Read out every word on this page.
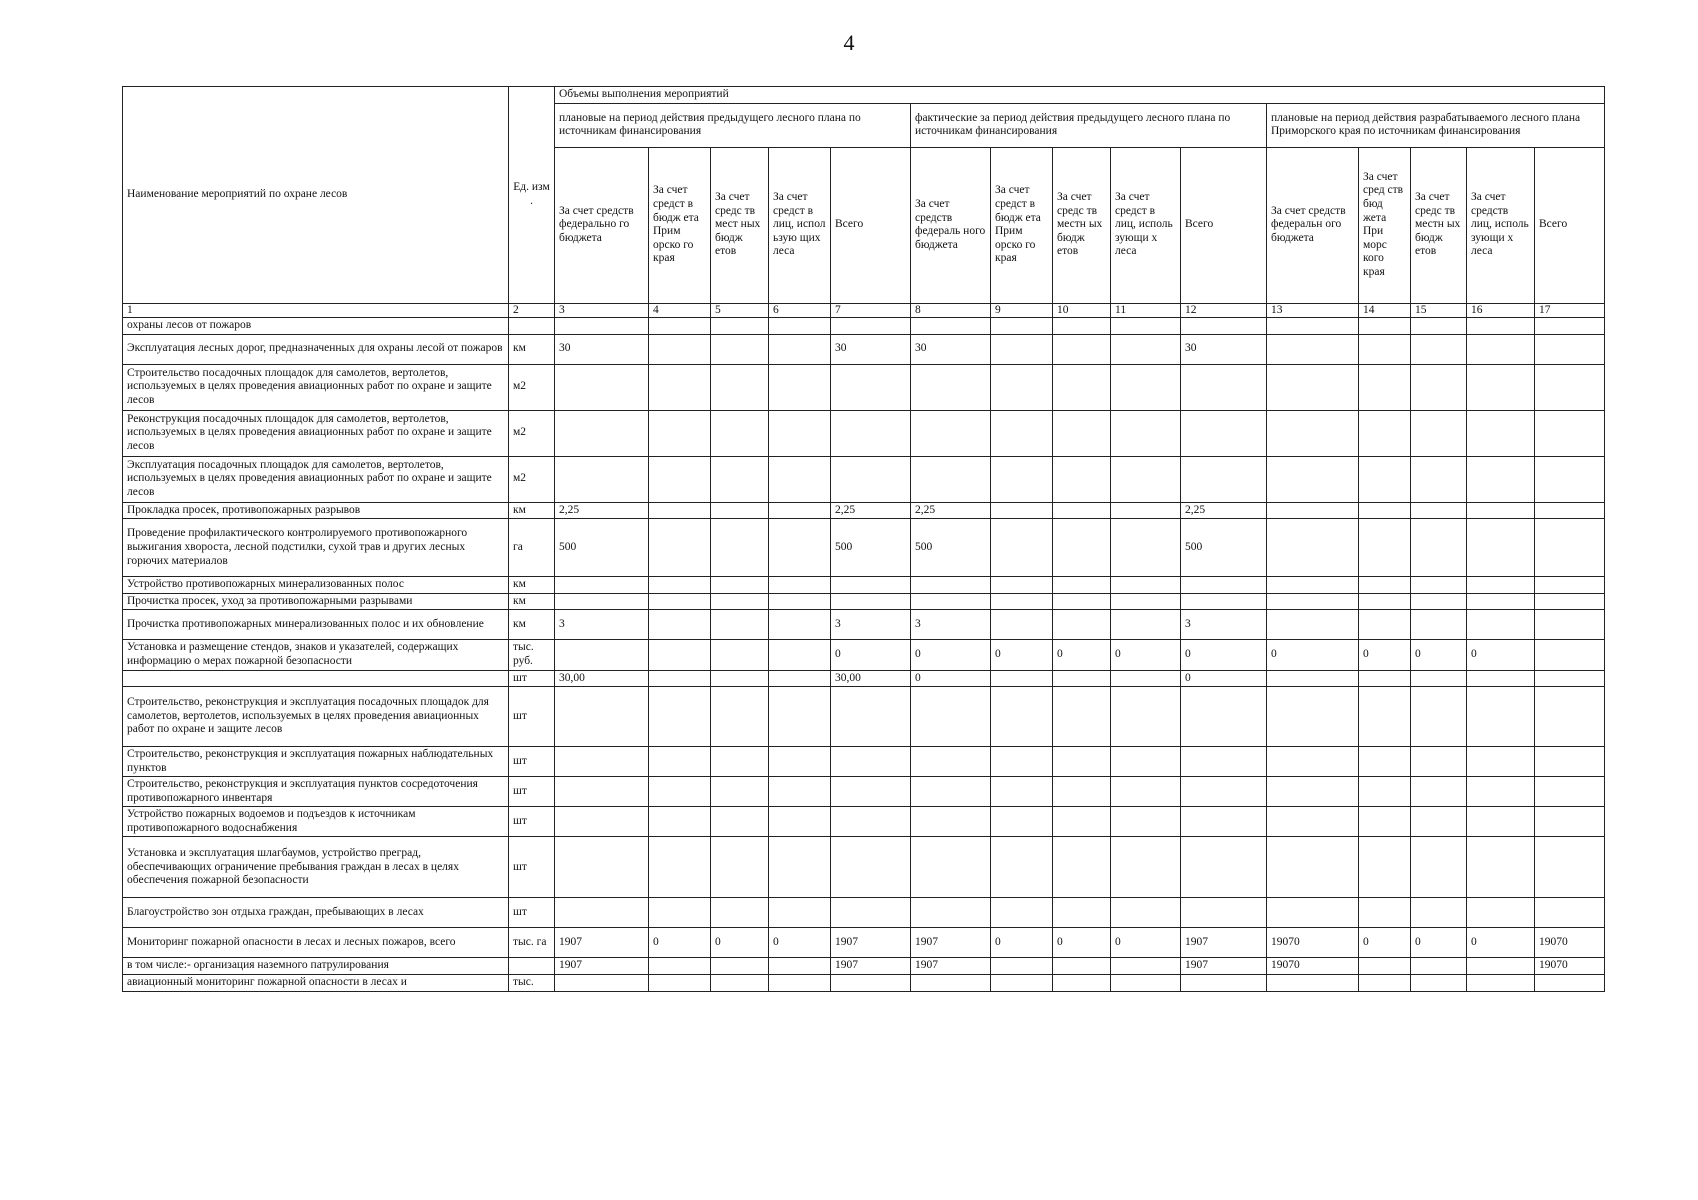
4
Наименование мероприятий по охране лесов	Ед. изм
.	Объемы выполнения мероприятий														
		плановые на период действия предыдущего лесного плана по источникам финансирования					фактические за период действия предыдущего лесного плана по источникам финансирования					плановые на период действия разрабатываемого лесного плана Приморского края по источникам финансирования				
		За счет средств федерально го бюджета	За счет средст в бюдж ета Прим орско го края	За счет средс тв мест ных бюдж етов	За счет средст в лиц, испол ьзую щих леса	Всего	За счет средств федераль ного бюджета	За счет средст в бюдж ета Прим орско го края	За счет средс тв местн ых бюдж етов	За счет средст в лиц, исполь зующи х леса	Всего	За счет средств федеральн ого бюджета	За счет сред ств бюд жета При морс кого края	За счет средс тв местн ых бюдж етов	За счет средств лиц, исполь зующи х леса	Всего
1	2	3	4	5	6	7	8	9	10	11	12	13	14	15	16	17
охраны лесов от пожаров																
Эксплуатация лесных дорог, предназначенных для охраны лесой от пожаров	км	30				30	30				30					
Строительство посадочных площадок для самолетов, вертолетов, используемых в целях проведения авиационных работ по охране и защите лесов	м2															
Реконструкция посадочных площадок для самолетов, вертолетов, используемых в целях проведения авиационных работ по охране и защите лесов	м2															
Эксплуатация посадочных площадок для самолетов, вертолетов, используемых в целях проведения авиационных работ по охране и защите лесов	м2															
Прокладка просек, противопожарных разрывов	км	2,25				2,25	2,25				2,25					
Проведение профилактического контролируемого противопожарного выжигания хвороста, лесной подстилки, сухой трав и других лесных горючих материалов	га	500				500	500				500					
Устройство противопожарных минерализованных полос	км															
Прочистка просек, уход за противопожарными разрывами	км															
Прочистка противопожарных минерализованных полос и их обновление	км	3				3	3				3					
Установка и размещение стендов, знаков и указателей, содержащих информацию о мерах пожарной безопасности	тыс. руб.					0	0	0	0	0	0	0	0	0	0	
	шт	30,00				30,00	0				0					
Строительство, реконструкция и эксплуатация посадочных площадок для самолетов, вертолетов, используемых в целях проведения авиационных работ по охране и защите лесов	шт															
Строительство, реконструкция и эксплуатация пожарных наблюдательных пунктов	шт															
Строительство, реконструкция и эксплуатация пунктов сосредоточения противопожарного инвентаря	шт															
Устройство пожарных водоемов и подъездов к источникам противопожарного водоснабжения	шт															
Установка и эксплуатация шлагбаумов, устройство преград, обеспечивающих ограничение пребывания граждан в лесах в целях обеспечения пожарной безопасности	шт															
Благоустройство зон отдыха граждан, пребывающих в лесах	шт															
Мониторинг пожарной опасности в лесах и лесных пожаров, всего	тыс. га	1907	0	0	0	1907	1907	0	0	0	1907	19070	0	0	0	19070
в том числе:- организация наземного патрулирования		1907				1907	1907				1907	19070				19070
авиационный мониторинг пожарной опасности в лесах и	тыс.															
